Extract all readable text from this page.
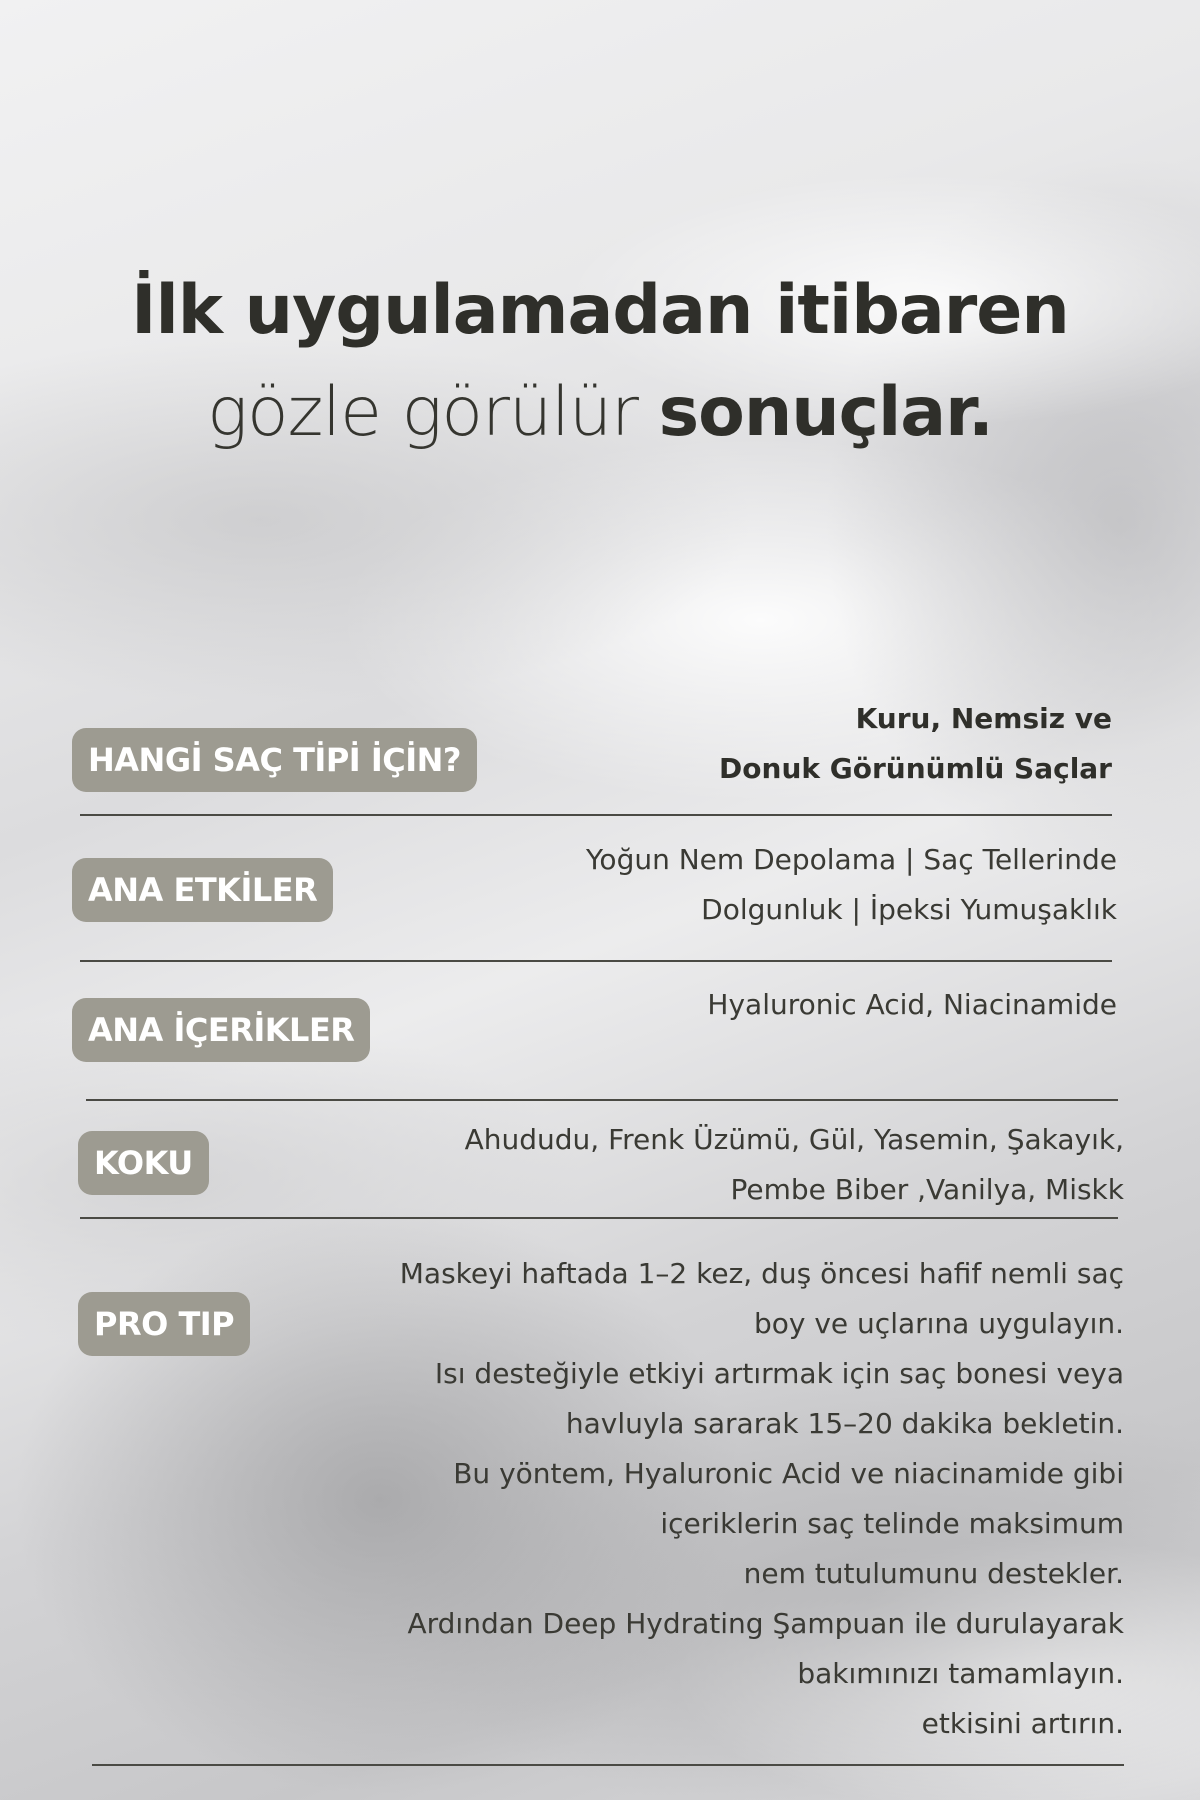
İlk uygulamadan itibaren
gözle görülür sonuçlar.
HANGİ SAÇ TİPİ İÇİN?
Kuru, Nemsiz ve
Donuk Görünümlü Saçlar
ANA ETKİLER
Yoğun Nem Depolama | Saç Tellerinde
Dolgunluk | İpeksi Yumuşaklık
ANA İÇERİKLER
Hyaluronic Acid, Niacinamide
KOKU
Ahududu, Frenk Üzümü, Gül, Yasemin, Şakayık,
Pembe Biber ,Vanilya, Miskk
PRO TIP
Maskeyi haftada 1–2 kez, duş öncesi hafif nemli saç
boy ve uçlarına uygulayın.
Isı desteğiyle etkiyi artırmak için saç bonesi veya
havluyla sararak 15–20 dakika bekletin.
Bu yöntem, Hyaluronic Acid ve niacinamide gibi
içeriklerin saç telinde maksimum
nem tutulumunu destekler.
Ardından Deep Hydrating Şampuan ile durulayarak
bakımınızı tamamlayın.
etkisini artırın.
